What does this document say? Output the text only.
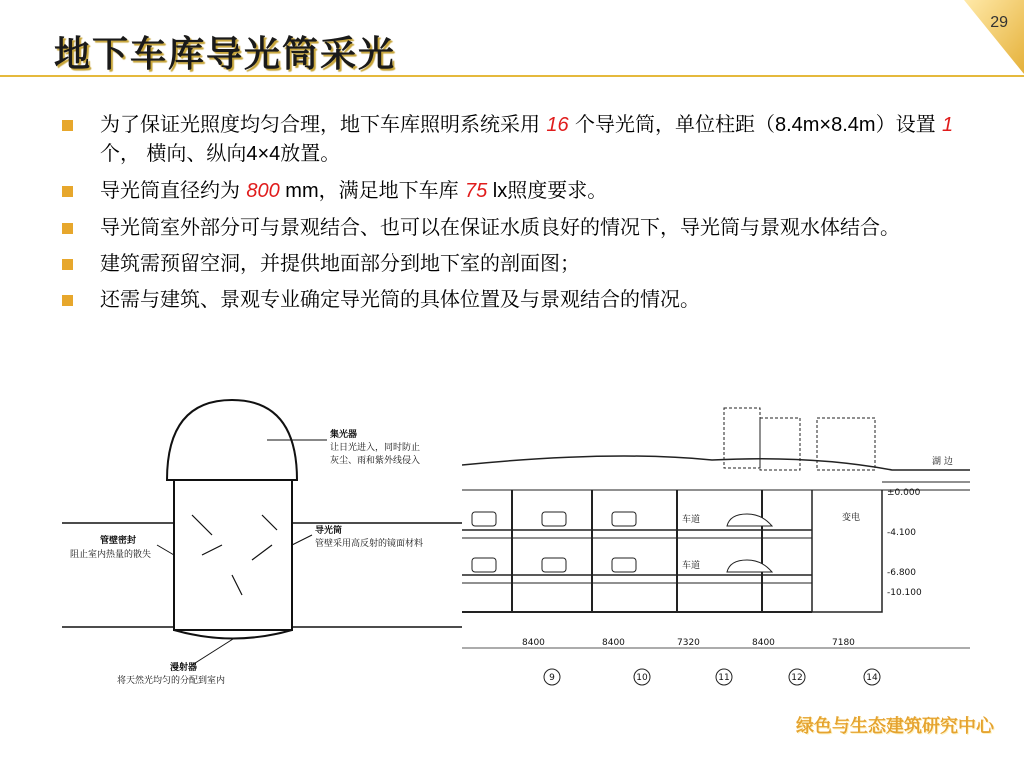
地下车库导光筒采光
29
为了保证光照度均匀合理，地下车库照明系统采用 16 个导光筒，单位柱距（8.4m×8.4m）设置 1 个， 横向、纵向4×4放置。
导光筒直径约为 800 mm，满足地下车库 75 lx照度要求。
导光筒室外部分可与景观结合、也可以在保证水质良好的情况下，导光筒与景观水体结合。
建筑需预留空洞，并提供地面部分到地下室的剖面图；
还需与建筑、景观专业确定导光筒的具体位置及与景观结合的情况。
集光器
让日光进入，同时防止
灰尘、雨和紫外线侵入
管壁密封
阻止室内热量的散失
导光筒
管壁采用高反射的镜面材料
漫射器
将天然光均匀的分配到室内
车道
车道
变电
±0.000
-4.100
-6.800
-10.100
湖 边
8400	8400	7320	8400	7180
9	10	11	12	14
绿色与生态建筑研究中心
